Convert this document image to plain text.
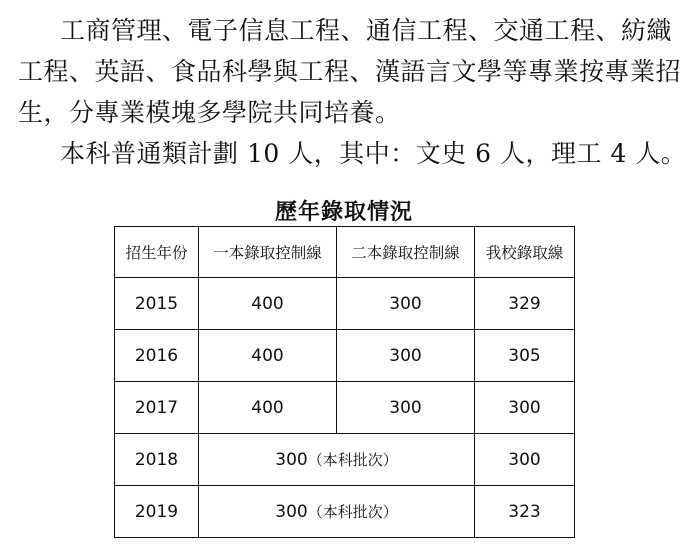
工商管理、電子信息工程、通信工程、交通工程、紡織
工程、英語、食品科學與工程、漢語言文學等專業按專業招
生，分專業模塊多學院共同培養。
本科普通類計劃 10 人，其中：文史 6 人，理工 4 人。
歷年錄取情況
招生年份	一本錄取控制線	二本錄取控制線	我校錄取線
2015	400	300	329
2016	400	300	305
2017	400	300	300
2018	300（本科批次）		300
2019	300（本科批次）		323
